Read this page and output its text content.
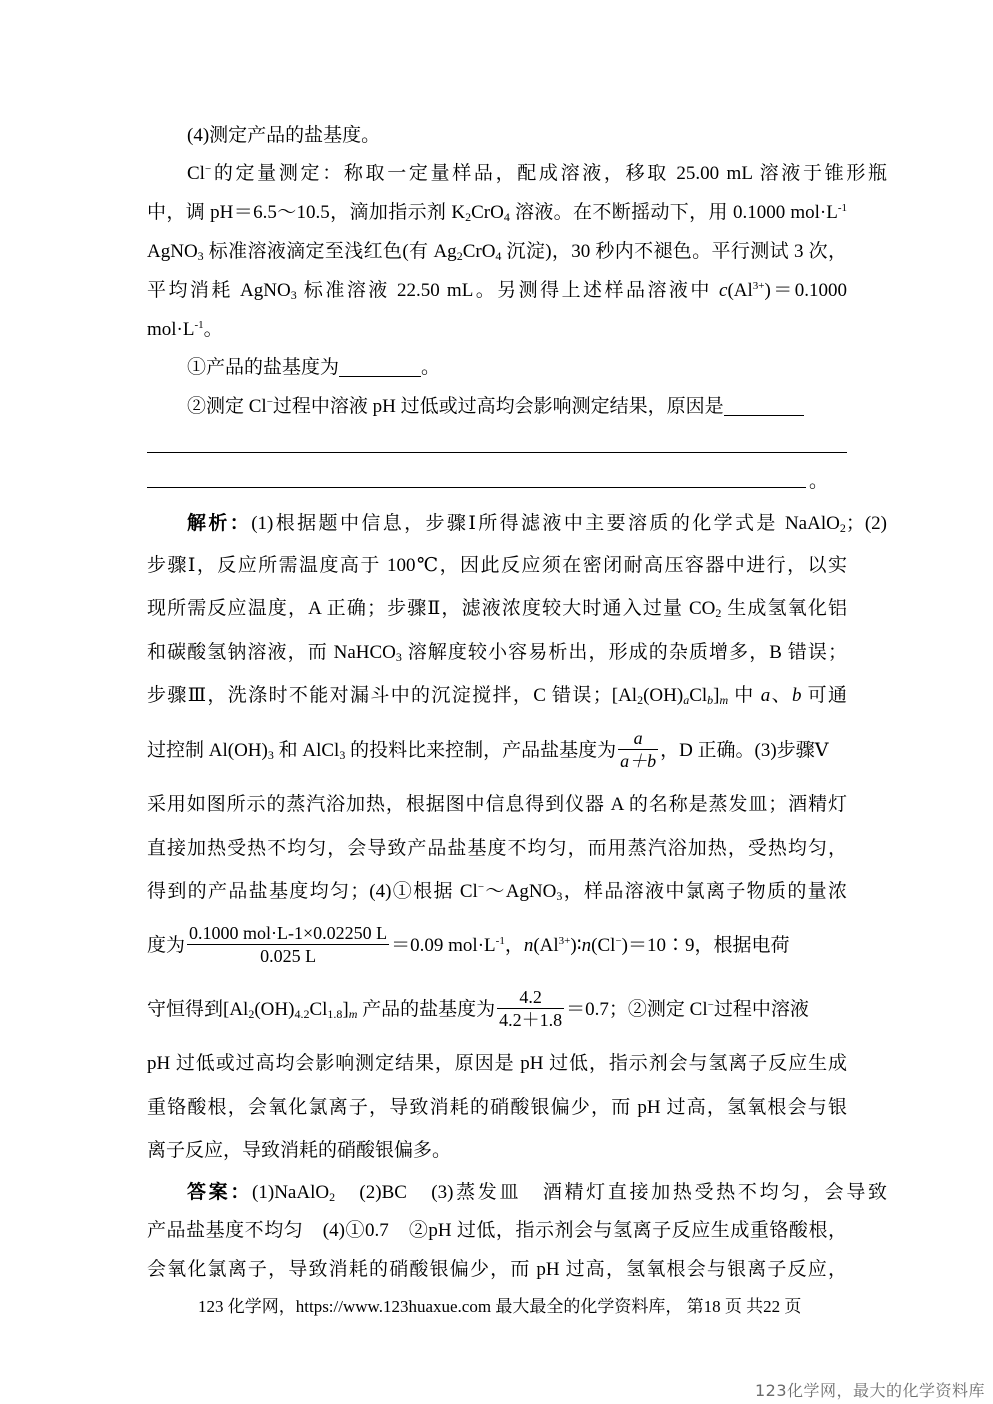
(4)测定产品的盐基度。
Cl−的定量测定：称取一定量样品，配成溶液，移取 25.00 mL 溶液于锥形瓶
中，调 pH＝6.5～10.5，滴加指示剂 $K_2CrO_4$ 溶液。在不断摇动下，用 0.1000 $mol\cdot L^{-1}$
AgNO$_3$ 标准溶液滴定至浅红色(有 $Ag_2CrO_4$ 沉淀)，30 秒内不褪色。平行测试 3 次，
平均消耗 AgNO$_3$ 标准溶液 22.50 mL。另测得上述样品溶液中 $c(Al^{3+})=0.1000$
$mol\cdot L^{-1}$。
①产品的盐基度为	。
②测定 Cl−过程中溶液 pH 过低或过高均会影响测定结果，原因是
。
解析：(1)根据题中信息，步骤Ⅰ所得滤液中主要溶质的化学式是 NaAlO$_2$；(2)
步骤Ⅰ，反应所需温度高于 100℃，因此反应须在密闭耐高压容器中进行，以实
现所需反应温度，A 正确；步骤Ⅱ，滤液浓度较大时通入过量 $CO_2$ 生成氢氧化铝
和碳酸氢钠溶液，而 NaHCO$_3$ 溶解度较小容易析出，形成的杂质增多，B 错误；
步骤Ⅲ，洗涤时不能对漏斗中的沉淀搅拌，C 错误；$[Al_2(OH)_aCl_b]_m$ 中 a、b 可通
过控制 $Al(OH)_3$ 和 AlCl$_3$ 的投料比来控制，产品盐基度为 $\frac{a}{a+b}$ ，D 正确。(3)步骤Ⅴ
采用如图所示的蒸汽浴加热，根据图中信息得到仪器 A 的名称是蒸发皿；酒精灯
直接加热受热不均匀，会导致产品盐基度不均匀，而用蒸汽浴加热，受热均匀，
得到的产品盐基度均匀；(4)①根据 Cl−～AgNO$_3$，样品溶液中氯离子物质的量浓
度为 $\frac{\text{0.1000 mol·L-1×0.02250 L}}{0.025 L} =0.09$ $mol\cdot L^{-1}$，$n(Al^{3+})∶n(Cl^-)=10∶9$，根据电荷
守恒得到$[Al_2(OH)_{4.2}Cl_{1.8}]_m$ 产品的盐基度为 $\frac{4.2}{4.2+1.8} =0.7$；②测定 Cl−过程中溶液
pH 过低或过高均会影响测定结果，原因是 pH 过低，指示剂会与氢离子反应生成
重铬酸根，会氧化氯离子，导致消耗的硝酸银偏少，而 pH 过高，氢氧根会与银
离子反应，导致消耗的硝酸银偏多。
答案：(1)NaAlO$_2$　(2)BC　(3)蒸发皿　酒精灯直接加热受热不均匀，会导致
产品盐基度不均匀　(4)①0.7　②pH 过低，指示剂会与氢离子反应生成重铬酸根，
会氧化氯离子，导致消耗的硝酸银偏少，而 pH 过高，氢氧根会与银离子反应，
123 化学网，https://www.123huaxue.com 最大最全的化学资料库， 第18 页 共22 页
123化学网，最大的化学资料库
